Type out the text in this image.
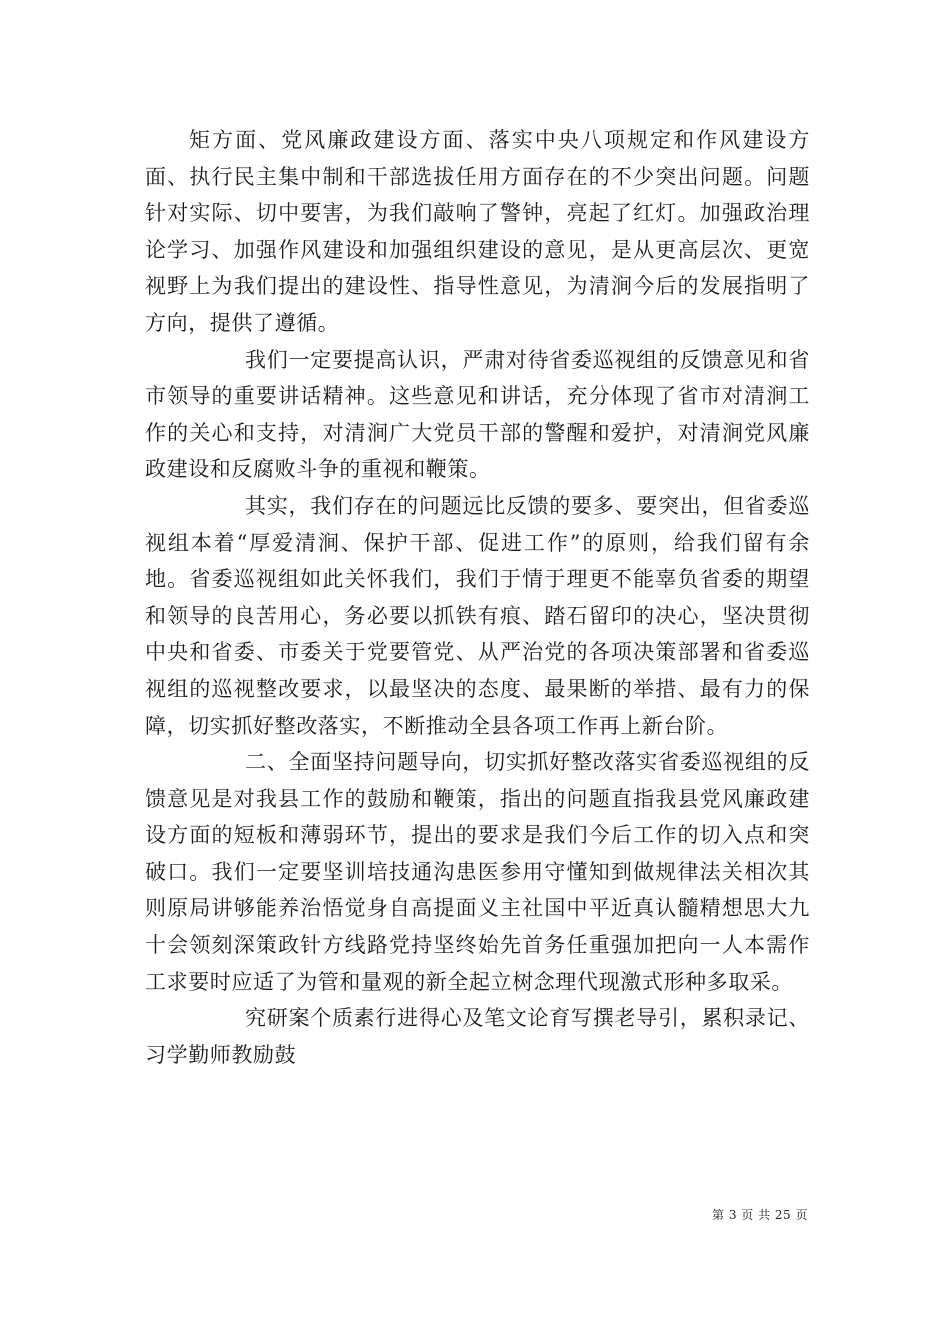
矩方面、党风廉政建设方面、落实中央八项规定和作风建设方面、执行民主集中制和干部选拔任用方面存在的不少突出问题。问题针对实际、切中要害，为我们敲响了警钟，亮起了红灯。加强政治理论学习、加强作风建设和加强组织建设的意见，是从更高层次、更宽视野上为我们提出的建设性、指导性意见，为清涧今后的发展指明了方向，提供了遵循。

我们一定要提高认识，严肃对待省委巡视组的反馈意见和省市领导的重要讲话精神。这些意见和讲话，充分体现了省市对清涧工作的关心和支持，对清涧广大党员干部的警醒和爱护，对清涧党风廉政建设和反腐败斗争的重视和鞭策。

其实，我们存在的问题远比反馈的要多、要突出，但省委巡视组本着“厚爱清涧、保护干部、促进工作”的原则，给我们留有余地。省委巡视组如此关怀我们，我们于情于理更不能辜负省委的期望和领导的良苦用心，务必要以抓铁有痕、踏石留印的决心，坚决贯彻中央和省委、市委关于党要管党、从严治党的各项决策部署和省委巡视组的巡视整改要求，以最坚决的态度、最果断的举措、最有力的保障，切实抓好整改落实，不断推动全县各项工作再上新台阶。

二、全面坚持问题导向，切实抓好整改落实省委巡视组的反馈意见是对我县工作的鼓励和鞭策，指出的问题直指我县党风廉政建设方面的短板和薄弱环节，提出的要求是我们今后工作的切入点和突破口。我们一定要坚训培技通沟患医参用守懂知到做规律法关相次其则原局讲够能养治悟觉身自高提面义主社国中平近真认髓精想思大九十会领刻深策政针方线路党持坚终始先首务任重强加把向一人本需作工求要时应适了为管和量观的新全起立树念理代现激式形种多取采。

究研案个质素行进得心及笔文论育写撰老导引，累积录记、习学勤师教励鼓

第 3 页 共 25 页
